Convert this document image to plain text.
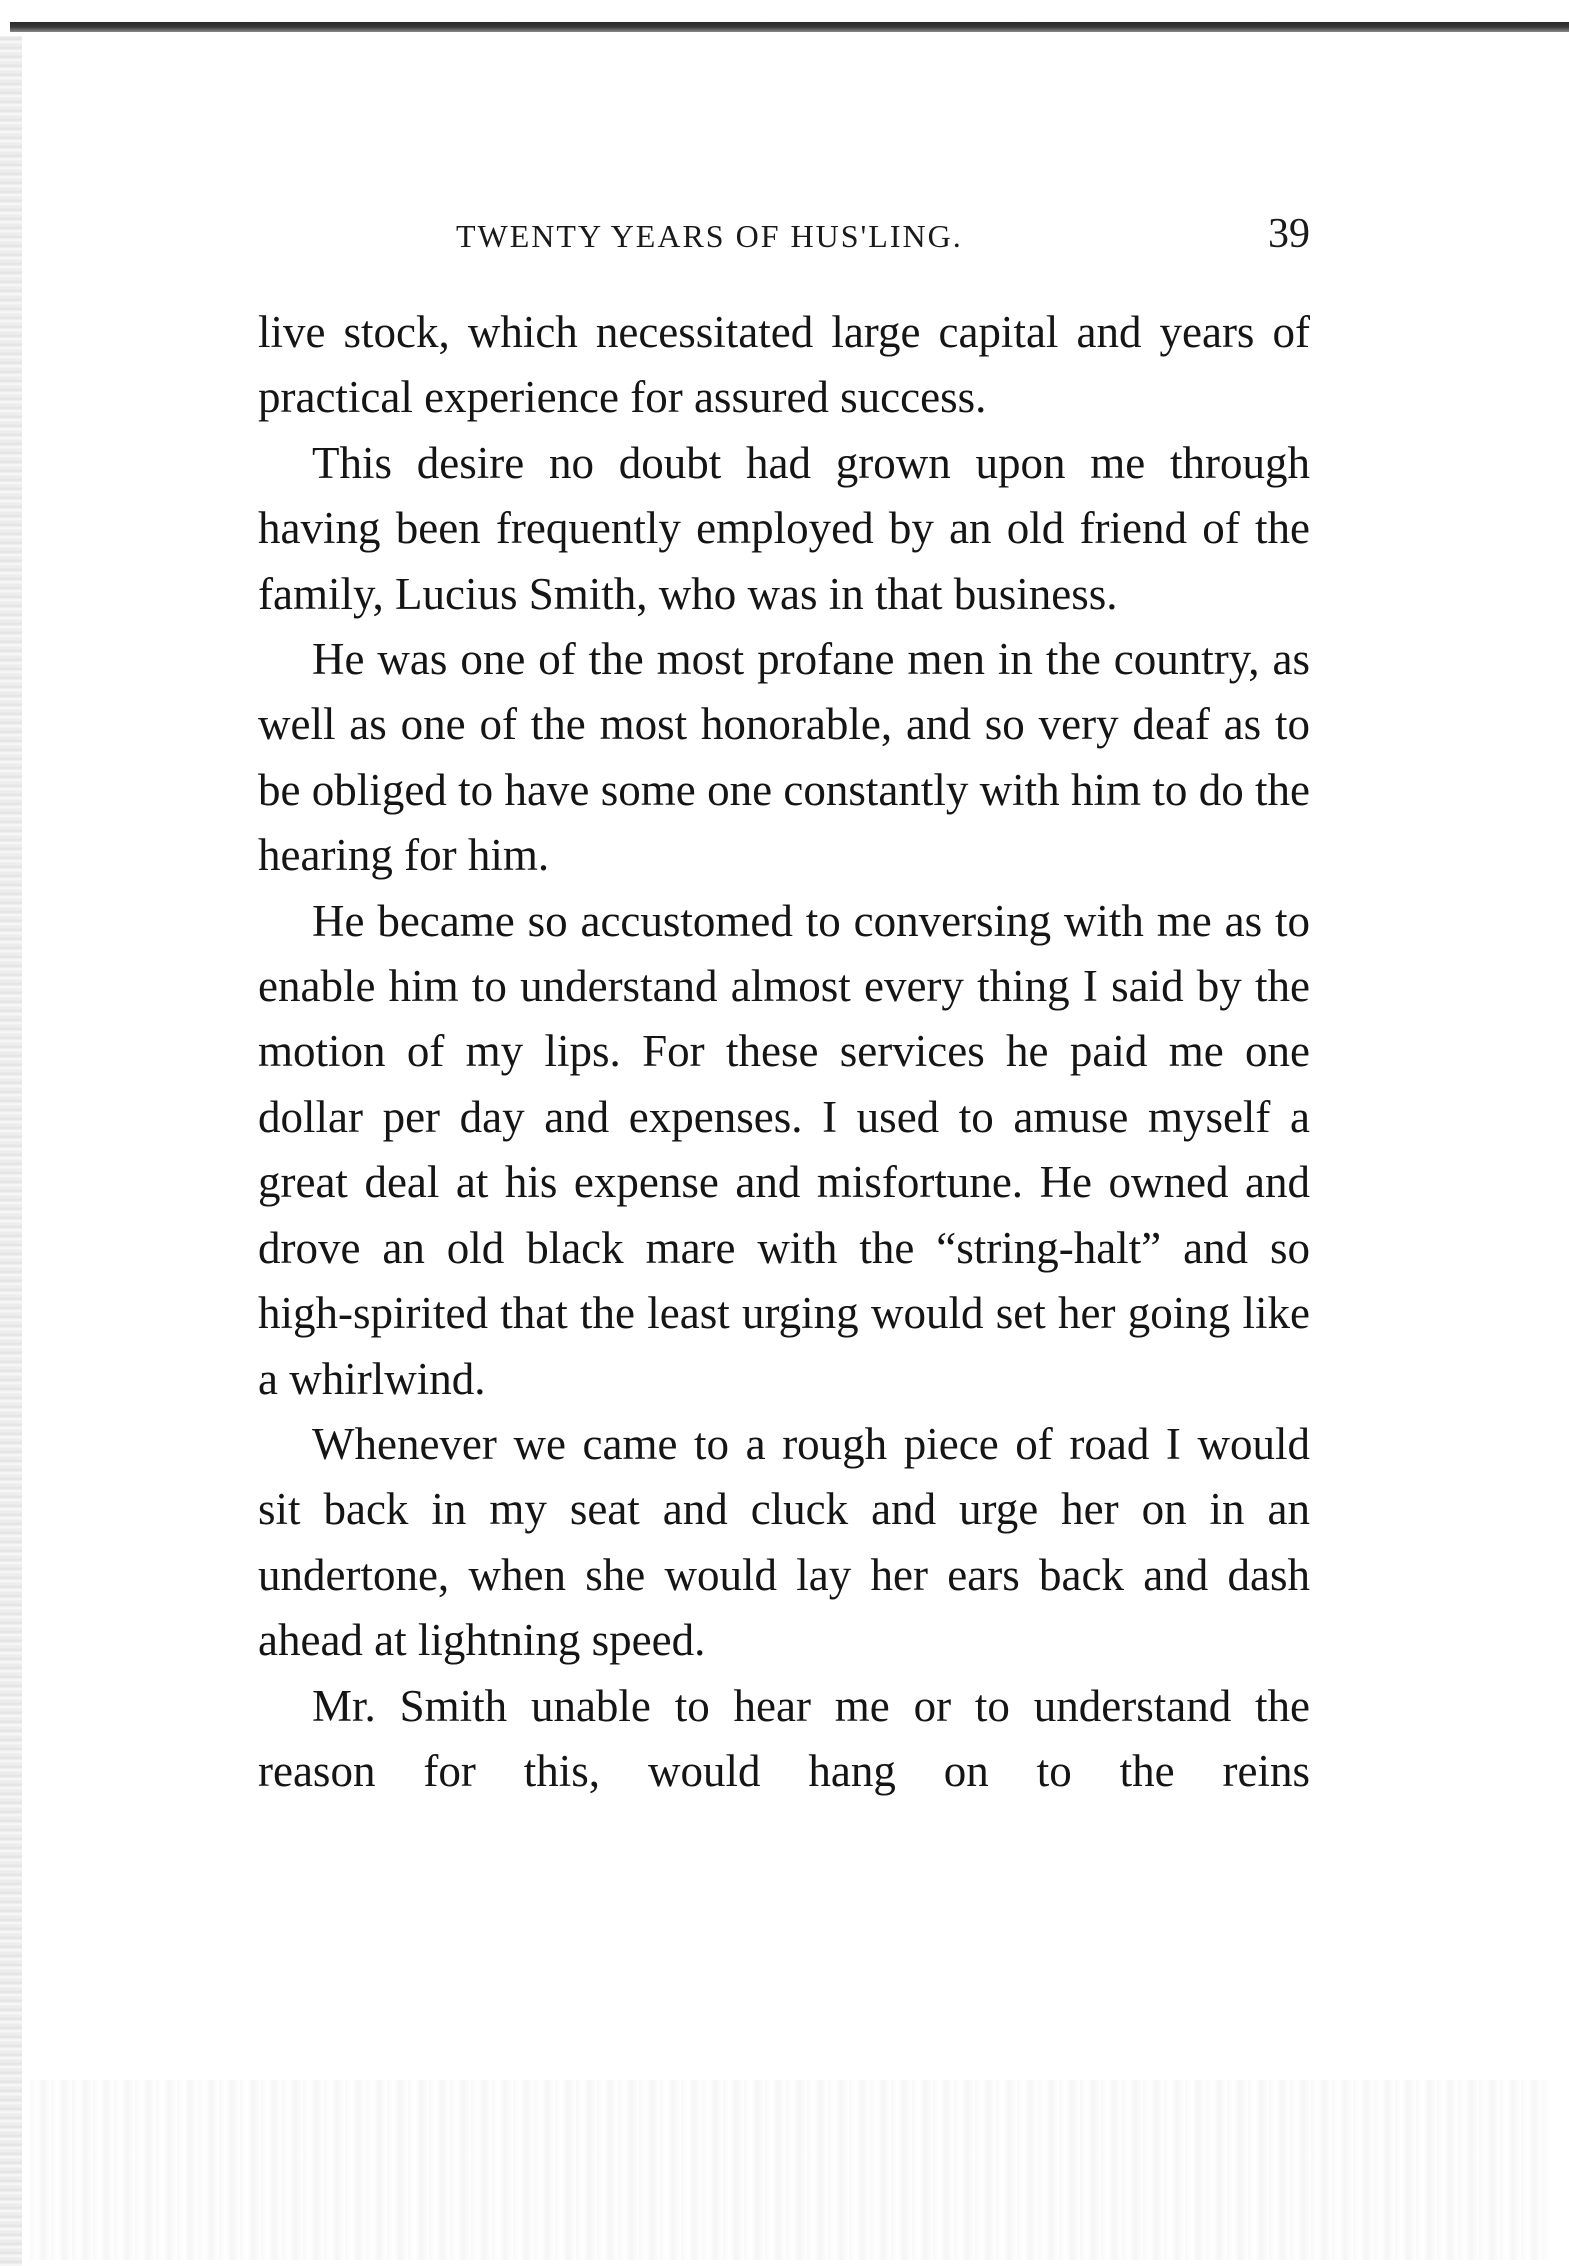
TWENTY YEARS OF HUS'LING.	39

live stock, which necessitated large capital and years of practical experience for assured success.

This desire no doubt had grown upon me through having been frequently employed by an old friend of the family, Lucius Smith, who was in that business.

He was one of the most profane men in the country, as well as one of the most honorable, and so very deaf as to be obliged to have some one constantly with him to do the hearing for him.

He became so accustomed to conversing with me as to enable him to understand almost every thing I said by the motion of my lips. For these services he paid me one dollar per day and expenses. I used to amuse myself a great deal at his expense and misfortune. He owned and drove an old black mare with the “string-halt” and so high-spirited that the least urging would set her going like a whirlwind.

Whenever we came to a rough piece of road I would sit back in my seat and cluck and urge her on in an undertone, when she would lay her ears back and dash ahead at lightning speed.

Mr. Smith unable to hear me or to understand the reason for this, would hang on to the reins
